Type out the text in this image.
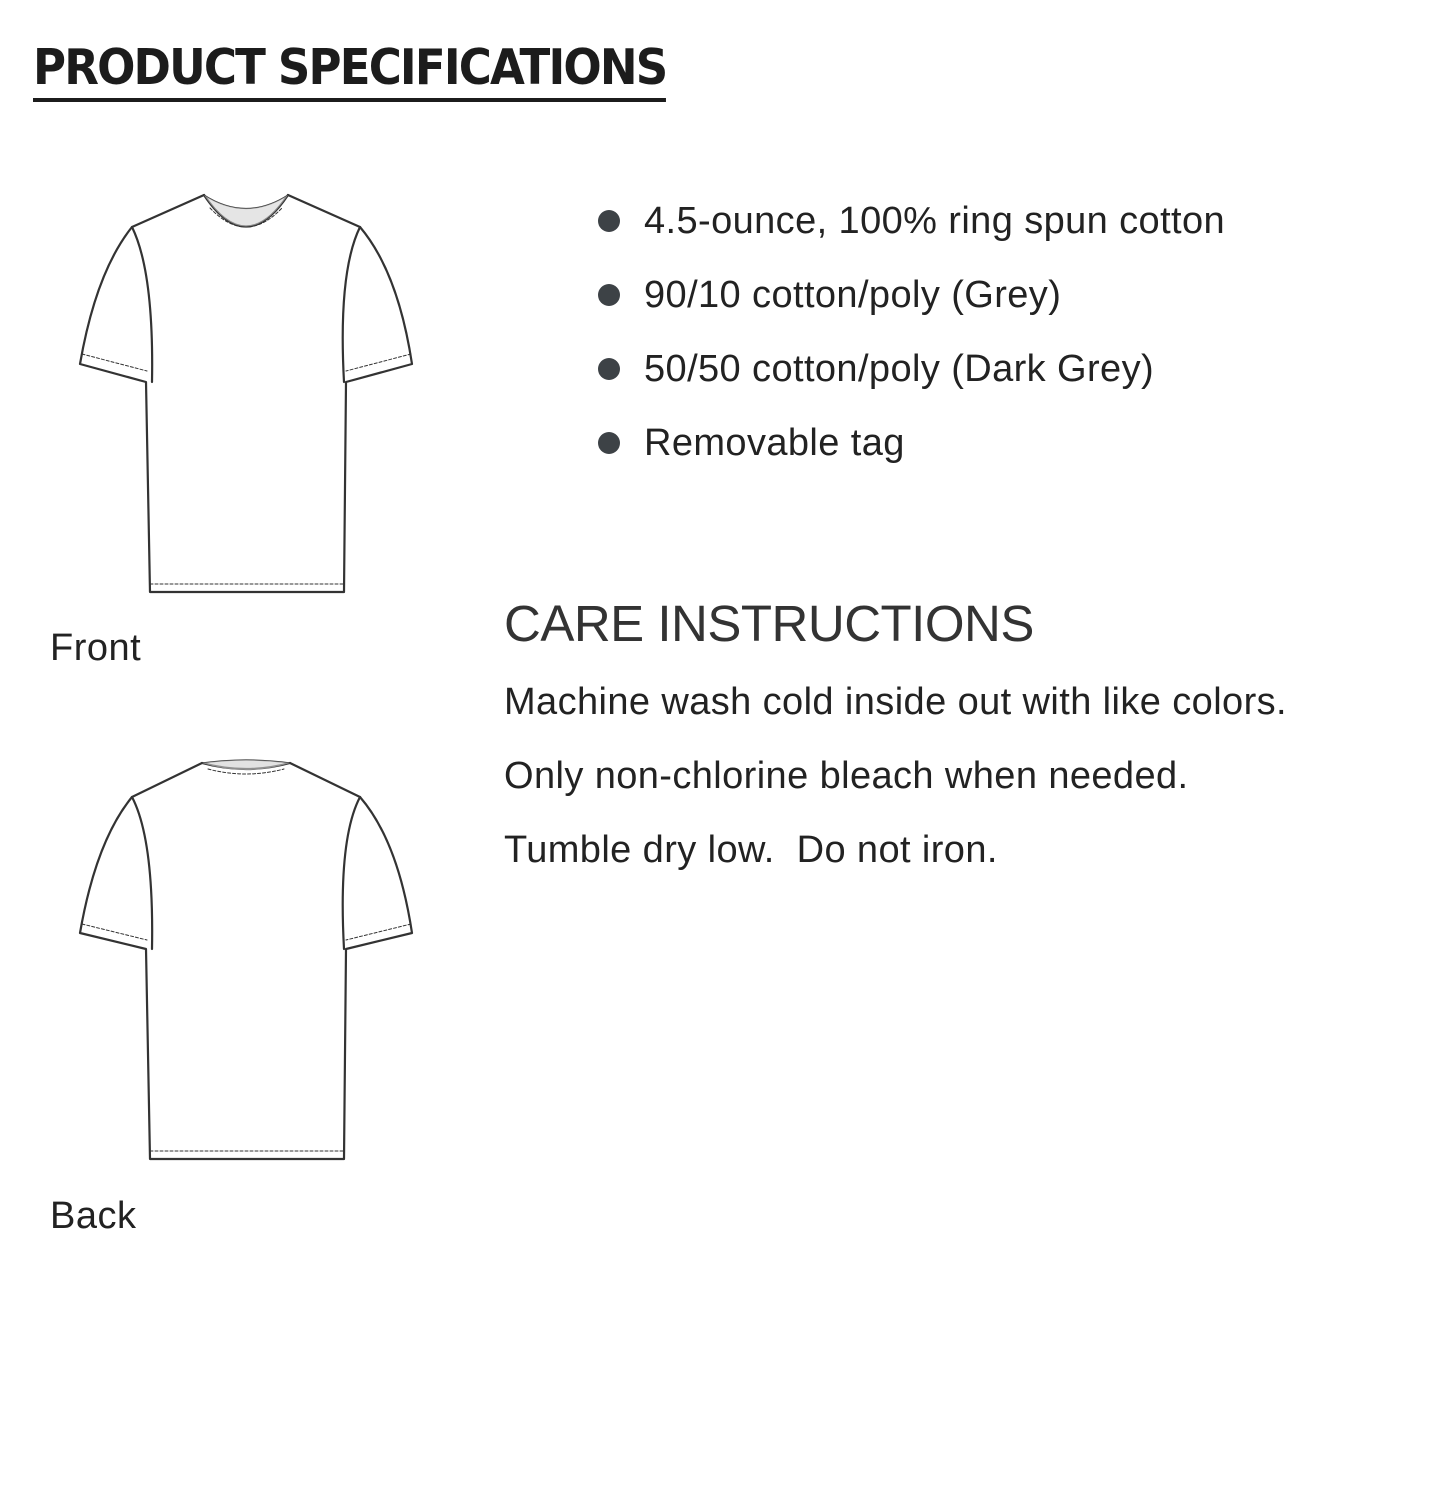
PRODUCT SPECIFICATIONS
Front
Back
4.5-ounce, 100% ring spun cotton
90/10 cotton/poly (Grey)
50/50 cotton/poly (Dark Grey)
Removable tag
CARE INSTRUCTIONS
Machine wash cold inside out with like colors.
Only non-chlorine bleach when needed.
Tumble dry low.  Do not iron.
